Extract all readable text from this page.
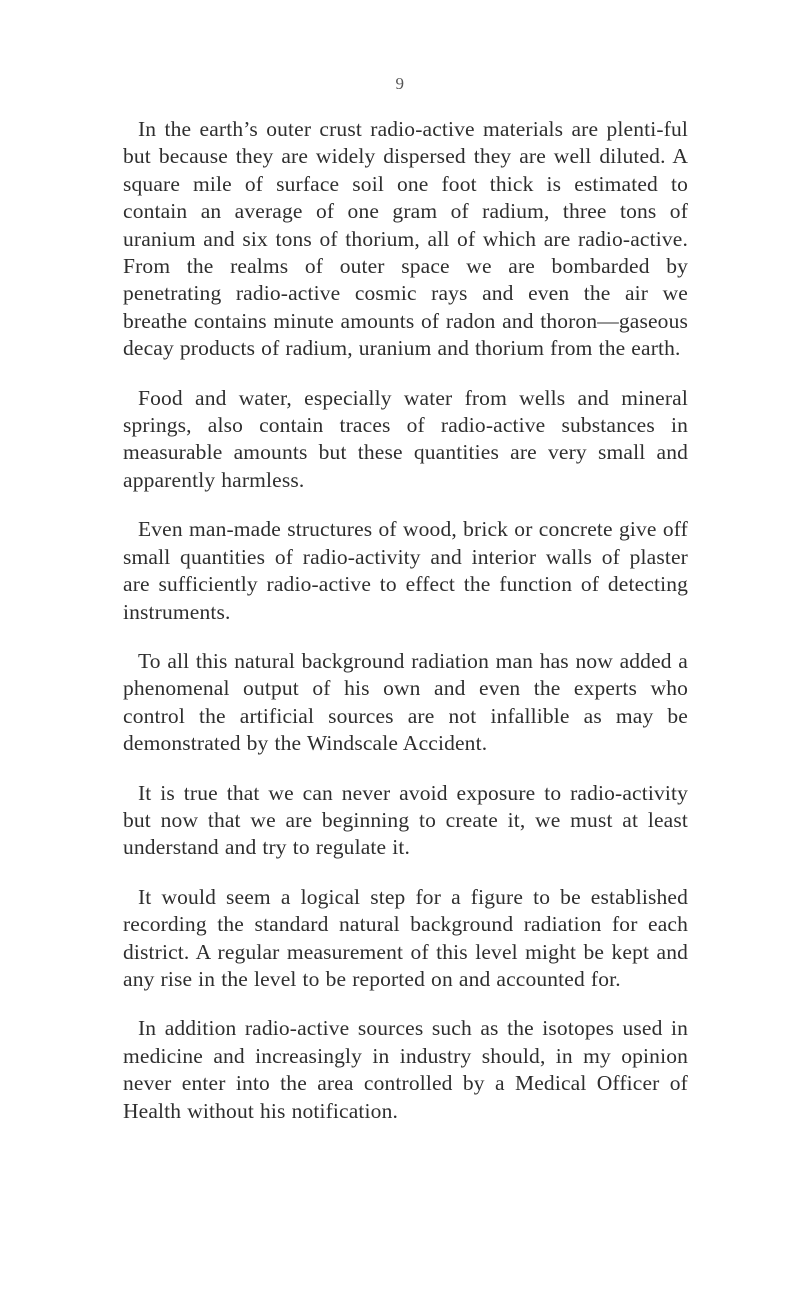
9

In the earth’s outer crust radio-active materials are plenti-ful but because they are widely dispersed they are well diluted. A square mile of surface soil one foot thick is estimated to contain an average of one gram of radium, three tons of uranium and six tons of thorium, all of which are radio-active. From the realms of outer space we are bombarded by penetrating radio-active cosmic rays and even the air we breathe contains minute amounts of radon and thoron—gaseous decay products of radium, uranium and thorium from the earth.

Food and water, especially water from wells and mineral springs, also contain traces of radio-active substances in measurable amounts but these quantities are very small and apparently harmless.

Even man-made structures of wood, brick or concrete give off small quantities of radio-activity and interior walls of plaster are sufficiently radio-active to effect the function of detecting instruments.

To all this natural background radiation man has now added a phenomenal output of his own and even the experts who control the artificial sources are not infallible as may be demonstrated by the Windscale Accident.

It is true that we can never avoid exposure to radio-activity but now that we are beginning to create it, we must at least understand and try to regulate it.

It would seem a logical step for a figure to be established recording the standard natural background radiation for each district. A regular measurement of this level might be kept and any rise in the level to be reported on and accounted for.

In addition radio-active sources such as the isotopes used in medicine and increasingly in industry should, in my opinion never enter into the area controlled by a Medical Officer of Health without his notification.
